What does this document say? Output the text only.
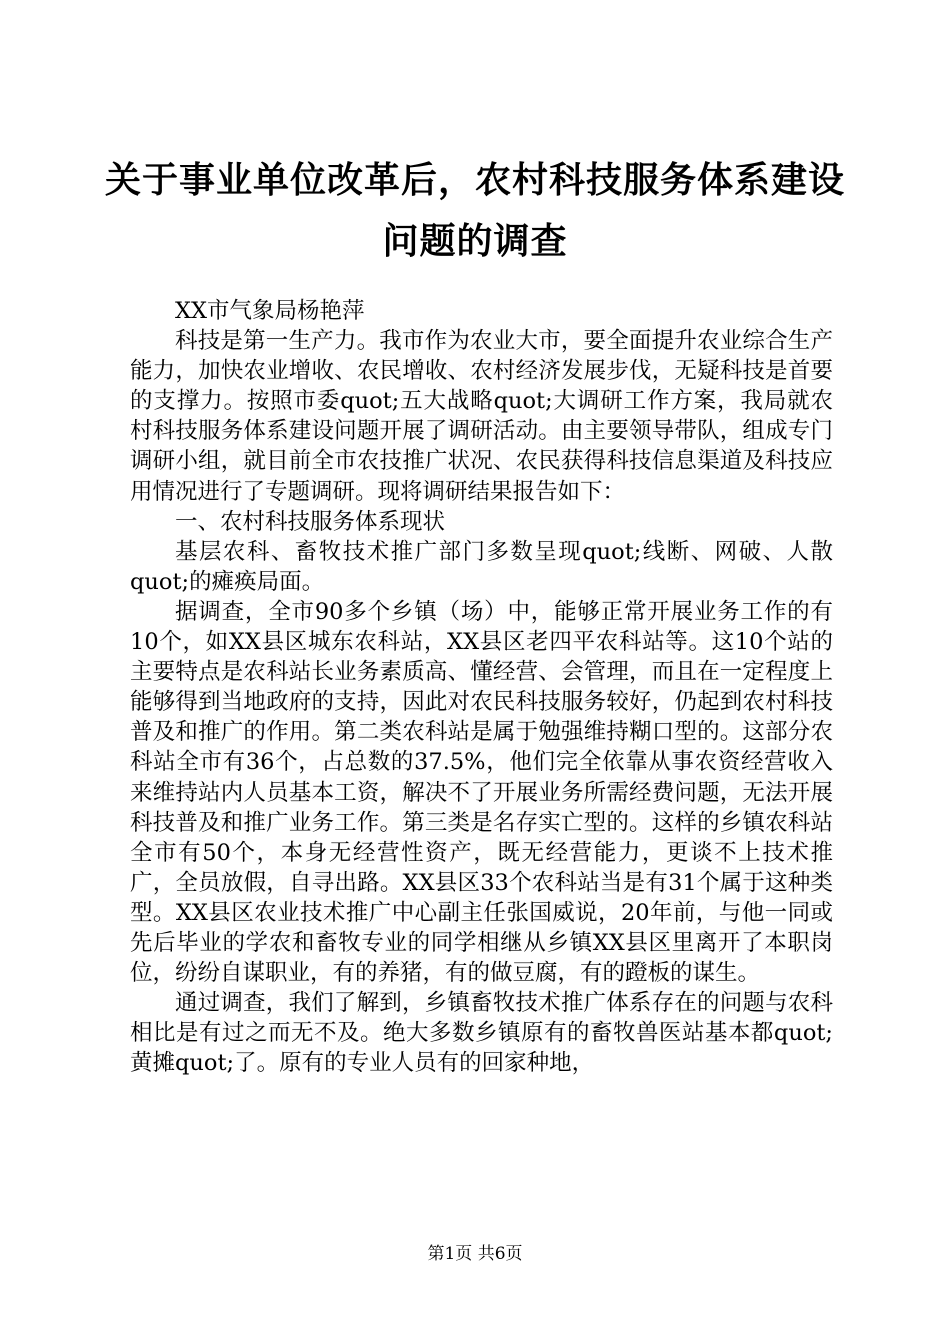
关于事业单位改革后，农村科技服务体系建设
问题的调查

XX市气象局杨艳萍

科技是第一生产力。我市作为农业大市，要全面提升农业综合生产能力，加快农业增收、农民增收、农村经济发展步伐，无疑科技是首要的支撑力。按照市委quot;五大战略quot;大调研工作方案，我局就农村科技服务体系建设问题开展了调研活动。由主要领导带队，组成专门调研小组，就目前全市农技推广状况、农民获得科技信息渠道及科技应用情况进行了专题调研。现将调研结果报告如下：

一、农村科技服务体系现状

基层农科、畜牧技术推广部门多数呈现quot;线断、网破、人散quot;的瘫痪局面。

据调查，全市90多个乡镇（场）中，能够正常开展业务工作的有10个，如XX县区城东农科站，XX县区老四平农科站等。这10个站的主要特点是农科站长业务素质高、懂经营、会管理，而且在一定程度上能够得到当地政府的支持，因此对农民科技服务较好，仍起到农村科技普及和推广的作用。第二类农科站是属于勉强维持糊口型的。这部分农科站全市有36个，占总数的37.5%，他们完全依靠从事农资经营收入来维持站内人员基本工资，解决不了开展业务所需经费问题，无法开展科技普及和推广业务工作。第三类是名存实亡型的。这样的乡镇农科站全市有50个，本身无经营性资产，既无经营能力，更谈不上技术推广，全员放假，自寻出路。XX县区33个农科站当是有31个属于这种类型。XX县区农业技术推广中心副主任张国威说，20年前，与他一同或先后毕业的学农和畜牧专业的同学相继从乡镇XX县区里离开了本职岗位，纷纷自谋职业，有的养猪，有的做豆腐，有的蹬板的谋生。

通过调查，我们了解到，乡镇畜牧技术推广体系存在的问题与农科相比是有过之而无不及。绝大多数乡镇原有的畜牧兽医站基本都quot;黄摊quot;了。原有的专业人员有的回家种地，

第1页 共6页
